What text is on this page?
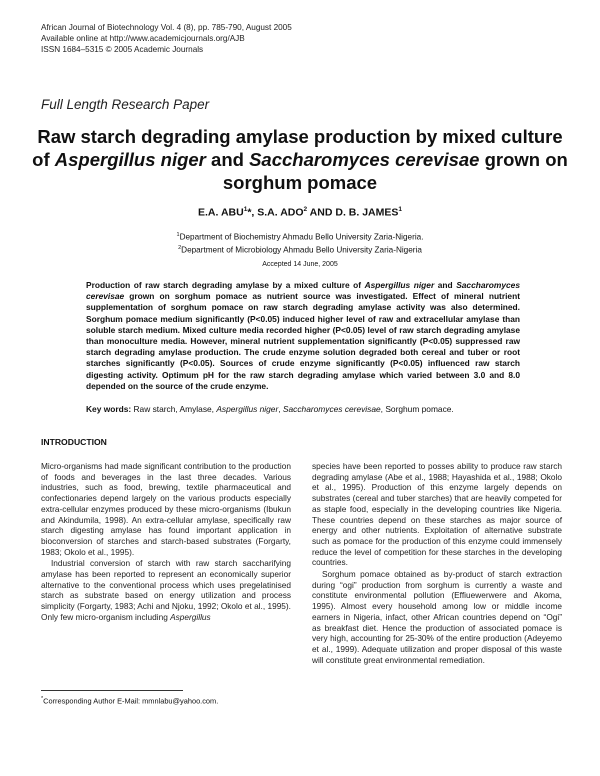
African Journal of Biotechnology Vol. 4 (8), pp. 785-790, August 2005
Available online at http://www.academicjournals.org/AJB
ISSN 1684–5315 © 2005 Academic Journals
Full Length Research Paper
Raw starch degrading amylase production by mixed culture of Aspergillus niger and Saccharomyces cerevisae grown on sorghum pomace
E.A. ABU$^1$*, S.A. ADO$^2$ AND D. B. JAMES$^1$
$^1$Department of Biochemistry Ahmadu Bello University Zaria-Nigeria.
$^2$Department of Microbiology Ahmadu Bello University Zaria-Nigeria
Accepted 14 June, 2005
Production of raw starch degrading amylase by a mixed culture of Aspergillus niger and Saccharomyces cerevisae grown on sorghum pomace as nutrient source was investigated. Effect of mineral nutrient supplementation of sorghum pomace on raw starch degrading amylase activity was also determined. Sorghum pomace medium significantly (P<0.05) induced higher level of raw and extracellular amylase than soluble starch medium. Mixed culture media recorded higher (P<0.05) level of raw starch degrading amylase than monoculture media. However, mineral nutrient supplementation significantly (P<0.05) suppressed raw starch degrading amylase production. The crude enzyme solution degraded both cereal and tuber or root starches significantly (P<0.05). Sources of crude enzyme significantly (P<0.05) influenced raw starch digesting activity. Optimum pH for the raw starch degrading amylase which varied between 3.0 and 8.0 depended on the source of the crude enzyme.
Key words: Raw starch, Amylase, Aspergillus niger, Saccharomyces cerevisae, Sorghum pomace.
INTRODUCTION

Micro-organisms had made significant contribution to the production of foods and beverages in the last three decades. Various industries, such as food, brewing, textile pharmaceutical and confectionaries depend largely on the various products especially extra-cellular enzymes produced by these micro-organisms (Ibukun and Akindumila, 1998). An extra-cellular amylase, specifically raw starch digesting amylase has found important application in bioconversion of starches and starch-based substrates (Forgarty, 1983; Okolo et al., 1995).

Industrial conversion of starch with raw starch saccharifying amylase has been reported to represent an economically superior alternative to the conventional process which uses pregelatinised starch as substrate based on energy utilization and process simplicity (Forgarty, 1983; Achi and Njoku, 1992; Okolo et al., 1995). Only few micro-organism including Aspergillus

species have been reported to posses ability to produce raw starch degrading amylase (Abe et al., 1988; Hayashida et al., 1988; Okolo et al., 1995). Production of this enzyme largely depends on substrates (cereal and tuber starches) that are heavily competed for as staple food, especially in the developing countries like Nigeria. These countries depend on these starches as major source of energy and other nutrients. Exploitation of alternative substrate such as pomace for the production of this enzyme could immensely reduce the level of competition for these starches in the developing countries.

Sorghum pomace obtained as by-product of starch extraction during “ogi” production from sorghum is currently a waste and constitute environmental pollution (Effiuewerwere and Akoma, 1995). Almost every household among low or middle income earners in Nigeria, infact, other African countries depend on “Ogi” as breakfast diet. Hence the production of associated pomace is very high, accounting for 25-30% of the entire production (Adeyemo et al., 1999). Adequate utilization and proper disposal of this waste will constitute great environmental remediation.

*Corresponding Author E-Mail: mmnlabu@yahoo.com.
